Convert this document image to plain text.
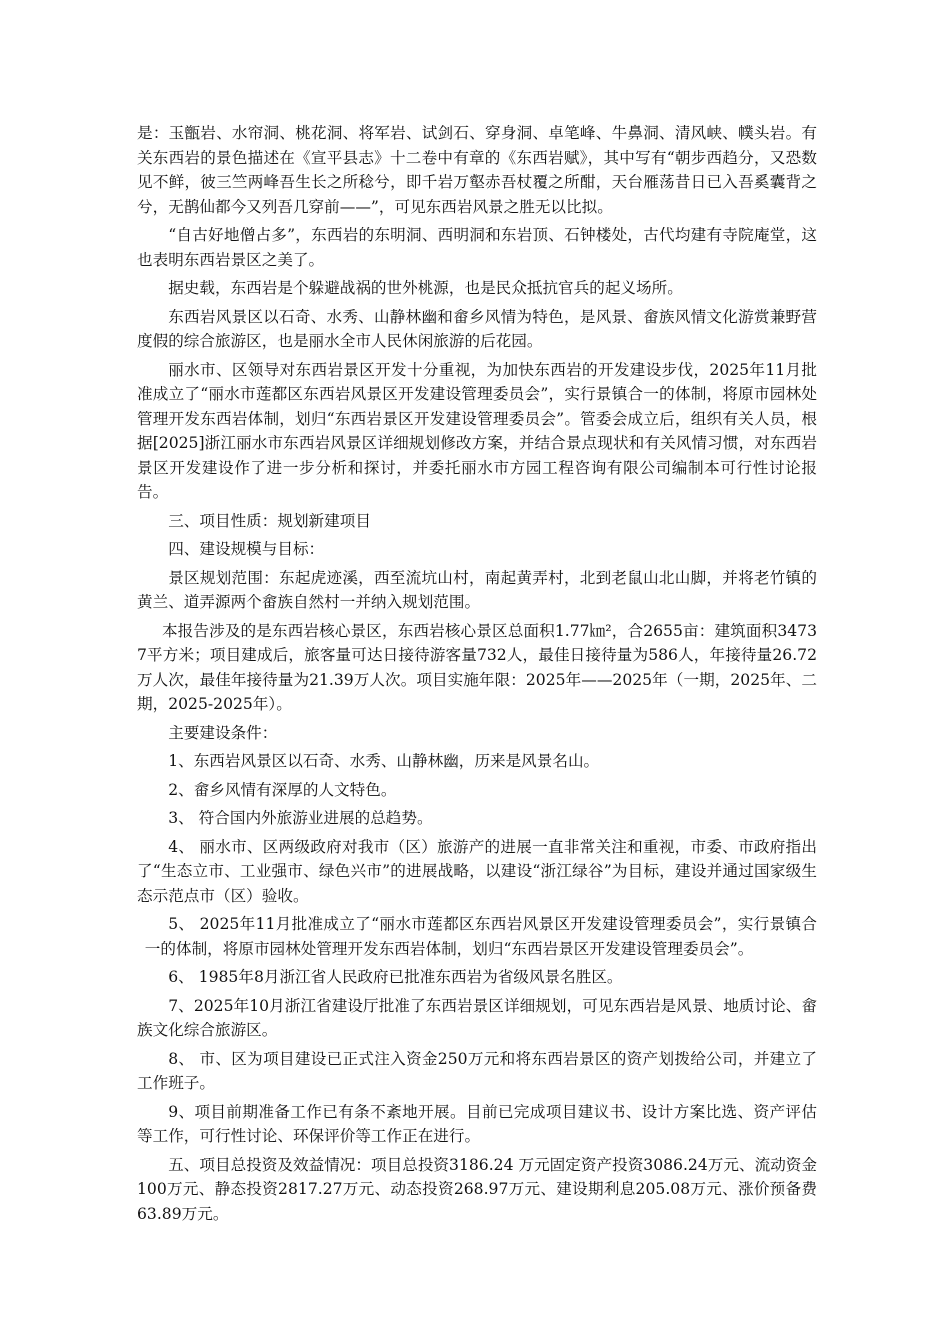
是：玉甑岩、水帘洞、桃花洞、将军岩、试剑石、穿身洞、卓笔峰、牛鼻洞、清风峡、幞头岩。有关东西岩的景色描述在《宣平县志》十二卷中有章的《东西岩赋》，其中写有“朝步西趋分，又恐数见不鲜，彼三竺两峰吾生长之所稔兮，即千岩万壑赤吾杖覆之所酣，天台雁荡昔日已入吾奚囊背之兮，无鹊仙都今又列吾几穿前——”，可见东西岩风景之胜无以比拟。

“自古好地僧占多”，东西岩的东明洞、西明洞和东岩顶、石钟楼处，古代均建有寺院庵堂，这也表明东西岩景区之美了。

据史载，东西岩是个躲避战祸的世外桃源，也是民众抵抗官兵的起义场所。

东西岩风景区以石奇、水秀、山静林幽和畲乡风情为特色，是风景、畲族风情文化游赏兼野营度假的综合旅游区，也是丽水全市人民休闲旅游的后花园。

丽水市、区领导对东西岩景区开发十分重视，为加快东西岩的开发建设步伐，2025年11月批准成立了“丽水市莲都区东西岩风景区开发建设管理委员会”，实行景镇合一的体制，将原市园林处管理开发东西岩体制，划归“东西岩景区开发建设管理委员会”。管委会成立后，组织有关人员，根据[2025]浙江丽水市东西岩风景区详细规划修改方案，并结合景点现状和有关风情习惯，对东西岩景区开发建设作了进一步分析和探讨，并委托丽水市方园工程咨询有限公司编制本可行性讨论报告。

三、项目性质：规划新建项目

四、建设规模与目标：

景区规划范围：东起虎迹溪，西至流坑山村，南起黄弄村，北到老鼠山北山脚，并将老竹镇的黄兰、道弄源两个畲族自然村一并纳入规划范围。

本报告涉及的是东西岩核心景区，东西岩核心景区总面积1.77㎞²，合2655亩：建筑面积34737平方米；项目建成后，旅客量可达日接待游客量732人，最佳日接待量为586人，年接待量26.72万人次，最佳年接待量为21.39万人次。项目实施年限：2025年——2025年（一期，2025年、二期，2025-2025年）。

主要建设条件：

1、东西岩风景区以石奇、水秀、山静林幽，历来是风景名山。

2、畲乡风情有深厚的人文特色。

3、 符合国内外旅游业进展的总趋势。

4、 丽水市、区两级政府对我市（区）旅游产的进展一直非常关注和重视，市委、市政府指出了“生态立市、工业强市、绿色兴市”的进展战略，以建设“浙江绿谷”为目标，建设并通过国家级生态示范点市（区）验收。

5、 2025年11月批准成立了“丽水市莲都区东西岩风景区开发建设管理委员会”，实行景镇合一的体制，将原市园林处管理开发东西岩体制，划归“东西岩景区开发建设管理委员会”。

6、 1985年8月浙江省人民政府已批准东西岩为省级风景名胜区。

7、2025年10月浙江省建设厅批准了东西岩景区详细规划，可见东西岩是风景、地质讨论、畲族文化综合旅游区。

8、 市、区为项目建设已正式注入资金250万元和将东西岩景区的资产划拨给公司，并建立了工作班子。

9、项目前期准备工作已有条不紊地开展。目前已完成项目建议书、设计方案比选、资产评估等工作，可行性讨论、环保评价等工作正在进行。

五、项目总投资及效益情况：项目总投资3186.24 万元固定资产投资3086.24万元、流动资金100万元、静态投资2817.27万元、动态投资268.97万元、建设期利息205.08万元、涨价预备费63.89万元。
